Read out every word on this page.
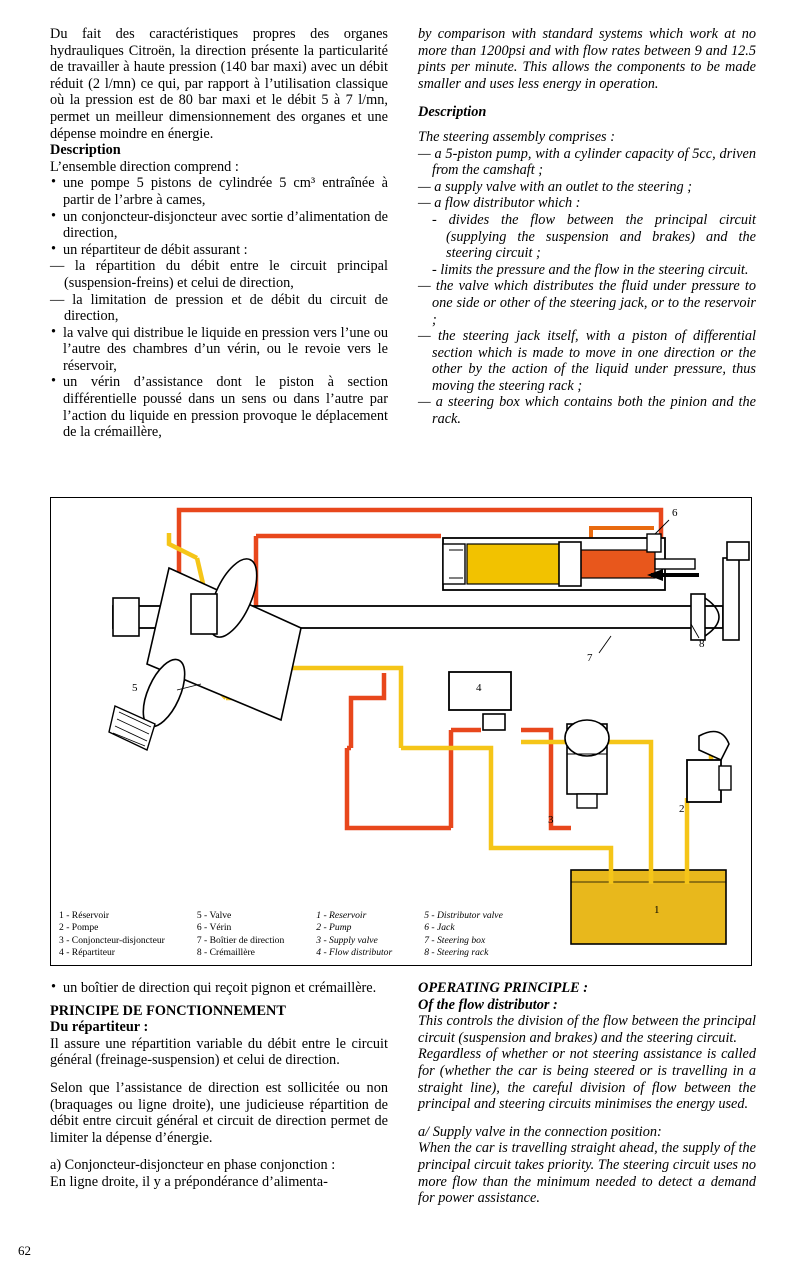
Du fait des caractéristiques propres des organes hydrauliques Citroën, la direction présente la particularité de travailler à haute pression (140 bar maxi) avec un débit réduit (2 l/mn) ce qui, par rapport à l’utilisation classique où la pression est de 80 bar maxi et le débit 5 à 7 l/mn, permet un meilleur dimensionnement des organes et une dépense moindre en énergie.

Description

L’ensemble direction comprend :

• une pompe 5 pistons de cylindrée 5 cm³ entraînée à partir de l’arbre à cames,

• un conjoncteur-disjoncteur avec sortie d’alimentation de direction,

• un répartiteur de débit assurant :

— la répartition du débit entre le circuit principal (suspension-freins) et celui de direction,

— la limitation de pression et de débit du circuit de direction,

• la valve qui distribue le liquide en pression vers l’une ou l’autre des chambres d’un vérin, ou le revoie vers le réservoir,

• un vérin d’assistance dont le piston à section différentielle poussé dans un sens ou dans l’autre par l’action du liquide en pression provoque le déplacement de la crémaillère,

• un boîtier de direction qui reçoit pignon et crémaillère.

PRINCIPE DE FONCTIONNEMENT

Du répartiteur :

Il assure une répartition variable du débit entre le circuit général (freinage-suspension) et celui de direction.

Selon que l’assistance de direction est sollicitée ou non (braquages ou ligne droite), une judicieuse répartition de débit entre circuit général et circuit de direction permet de limiter la dépense d’énergie.

a) Conjoncteur-disjoncteur en phase conjonction :

En ligne droite, il y a prépondérance d’alimenta-

by comparison with standard systems which work at no more than 1200psi and with flow rates between 9 and 12.5 pints per minute. This allows the components to be made smaller and uses less energy in operation.

Description

The steering assembly comprises :

— a 5-piston pump, with a cylinder capacity of 5cc, driven from the camshaft ;

— a supply valve with an outlet to the steering ;

— a flow distributor which :

- divides the flow between the principal circuit (supplying the suspension and brakes) and the steering circuit ;

- limits the pressure and the flow in the steering circuit.

— the valve which distributes the fluid under pressure to one side or other of the steering jack, or to the reservoir ;

— the steering jack itself, with a piston of differential section which is made to move in one direction or the other by the action of the liquid under pressure, thus moving the steering rack ;

— a steering box which contains both the pinion and the rack.

OPERATING PRINCIPLE :

Of the flow distributor :

This controls the division of the flow between the principal circuit (suspension and brakes) and the steering circuit.

Regardless of whether or not steering assistance is called for (whether the car is being steered or is travelling in a straight line), the careful division of flow between the principal and steering circuits minimises the energy used.

a/ Supply valve in the connection position:

When the car is travelling straight ahead, the supply of the principal circuit takes priority. The steering circuit uses no more flow than the minimum needed to detect a demand for power assistance.

6
7
8
5	4
3
2
1
1 - Réservoir		5 - Valve		1 - Reservoir		5 - Distributor valve
2 - Pompe		6 - Vérin		2 - Pump		6 - Jack
3 - Conjoncteur-disjoncteur		7 - Boîtier de direction		3 - Supply valve		7 - Steering box
4 - Répartiteur		8 - Crémaillère		4 - Flow distributor		8 - Steering rack
62
